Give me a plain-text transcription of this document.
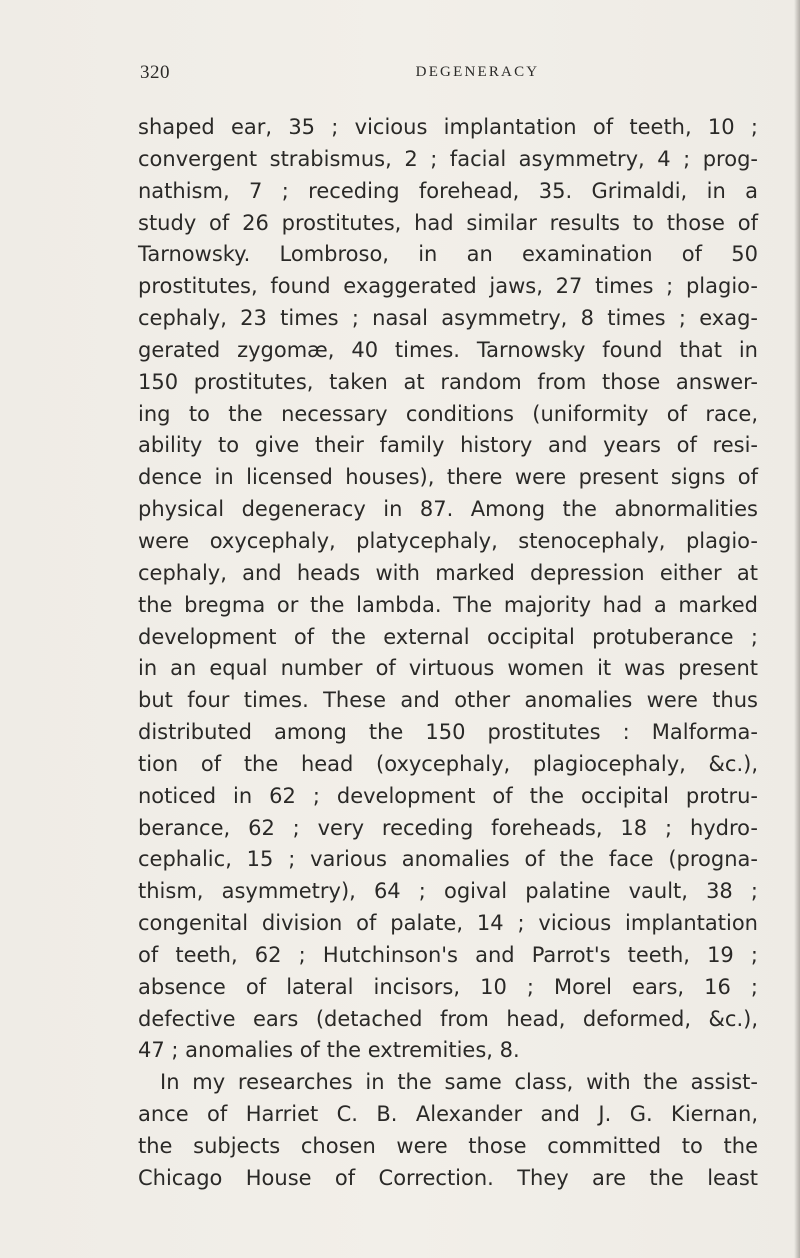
320	DEGENERACY
shaped ear, 35 ; vicious implantation of teeth, 10 ;
convergent strabismus, 2 ; facial asymmetry, 4 ; prog-
nathism, 7 ; receding forehead, 35. Grimaldi, in a
study of 26 prostitutes, had similar results to those of
Tarnowsky. Lombroso, in an examination of 50
prostitutes, found exaggerated jaws, 27 times ; plagio-
cephaly, 23 times ; nasal asymmetry, 8 times ; exag-
gerated zygomæ, 40 times. Tarnowsky found that in
150 prostitutes, taken at random from those answer-
ing to the necessary conditions (uniformity of race,
ability to give their family history and years of resi-
dence in licensed houses), there were present signs of
physical degeneracy in 87. Among the abnormalities
were oxycephaly, platycephaly, stenocephaly, plagio-
cephaly, and heads with marked depression either at
the bregma or the lambda. The majority had a marked
development of the external occipital protuberance ;
in an equal number of virtuous women it was present
but four times. These and other anomalies were thus
distributed among the 150 prostitutes : Malforma-
tion of the head (oxycephaly, plagiocephaly, &c.),
noticed in 62 ; development of the occipital protru-
berance, 62 ; very receding foreheads, 18 ; hydro-
cephalic, 15 ; various anomalies of the face (progna-
thism, asymmetry), 64 ; ogival palatine vault, 38 ;
congenital division of palate, 14 ; vicious implantation
of teeth, 62 ; Hutchinson's and Parrot's teeth, 19 ;
absence of lateral incisors, 10 ; Morel ears, 16 ;
defective ears (detached from head, deformed, &c.),
47 ; anomalies of the extremities, 8.
In my researches in the same class, with the assist-
ance of Harriet C. B. Alexander and J. G. Kiernan,
the subjects chosen were those committed to the
Chicago House of Correction. They are the least
